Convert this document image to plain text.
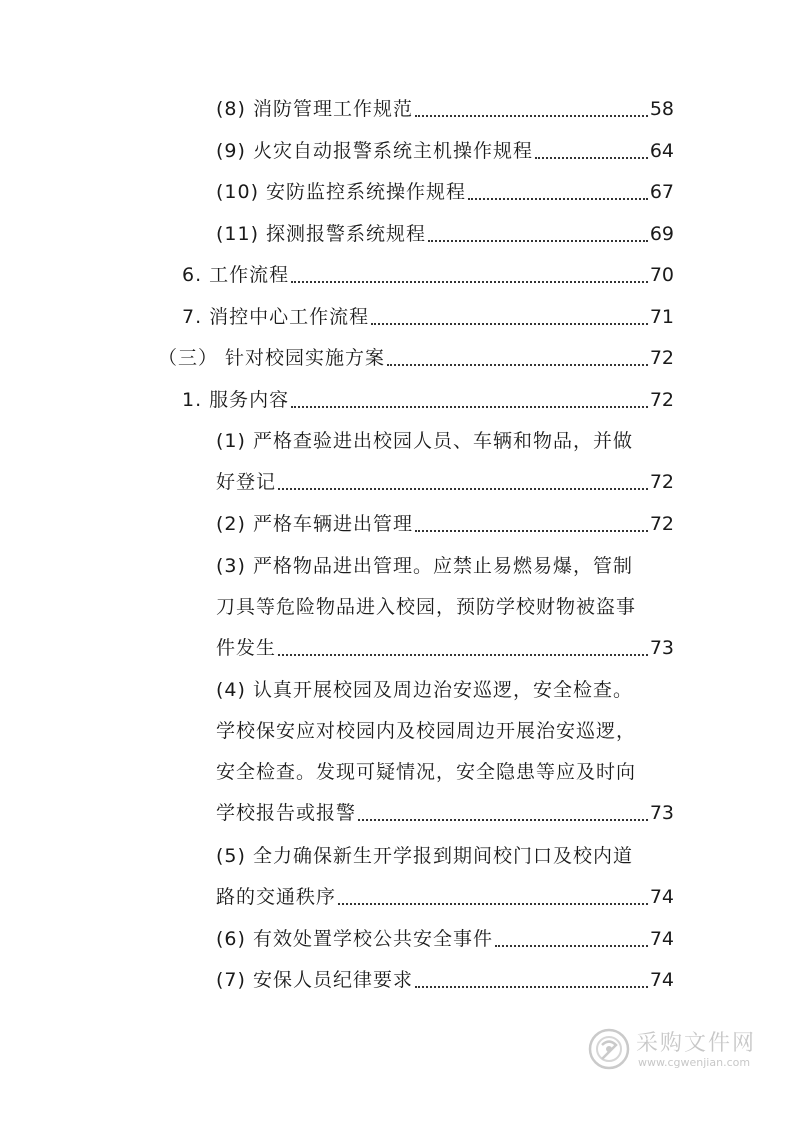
(8) 消防管理工作规范	58
(9) 火灾自动报警系统主机操作规程	64
(10) 安防监控系统操作规程	67
(11) 探测报警系统规程	69
6. 工作流程	70
7. 消控中心工作流程	71
（三） 针对校园实施方案	72
1. 服务内容	72
(1) 严格查验进出校园人员、车辆和物品，并做
好登记	72
(2) 严格车辆进出管理	72
(3) 严格物品进出管理。应禁止易燃易爆，管制
刀具等危险物品进入校园，预防学校财物被盗事
件发生	73
(4) 认真开展校园及周边治安巡逻，安全检查。
学校保安应对校园内及校园周边开展治安巡逻，
安全检查。发现可疑情况，安全隐患等应及时向
学校报告或报警	73
(5) 全力确保新生开学报到期间校门口及校内道
路的交通秩序	74
(6) 有效处置学校公共安全事件	74
(7) 安保人员纪律要求	74
采购文件网
www.cgwenjian.com
